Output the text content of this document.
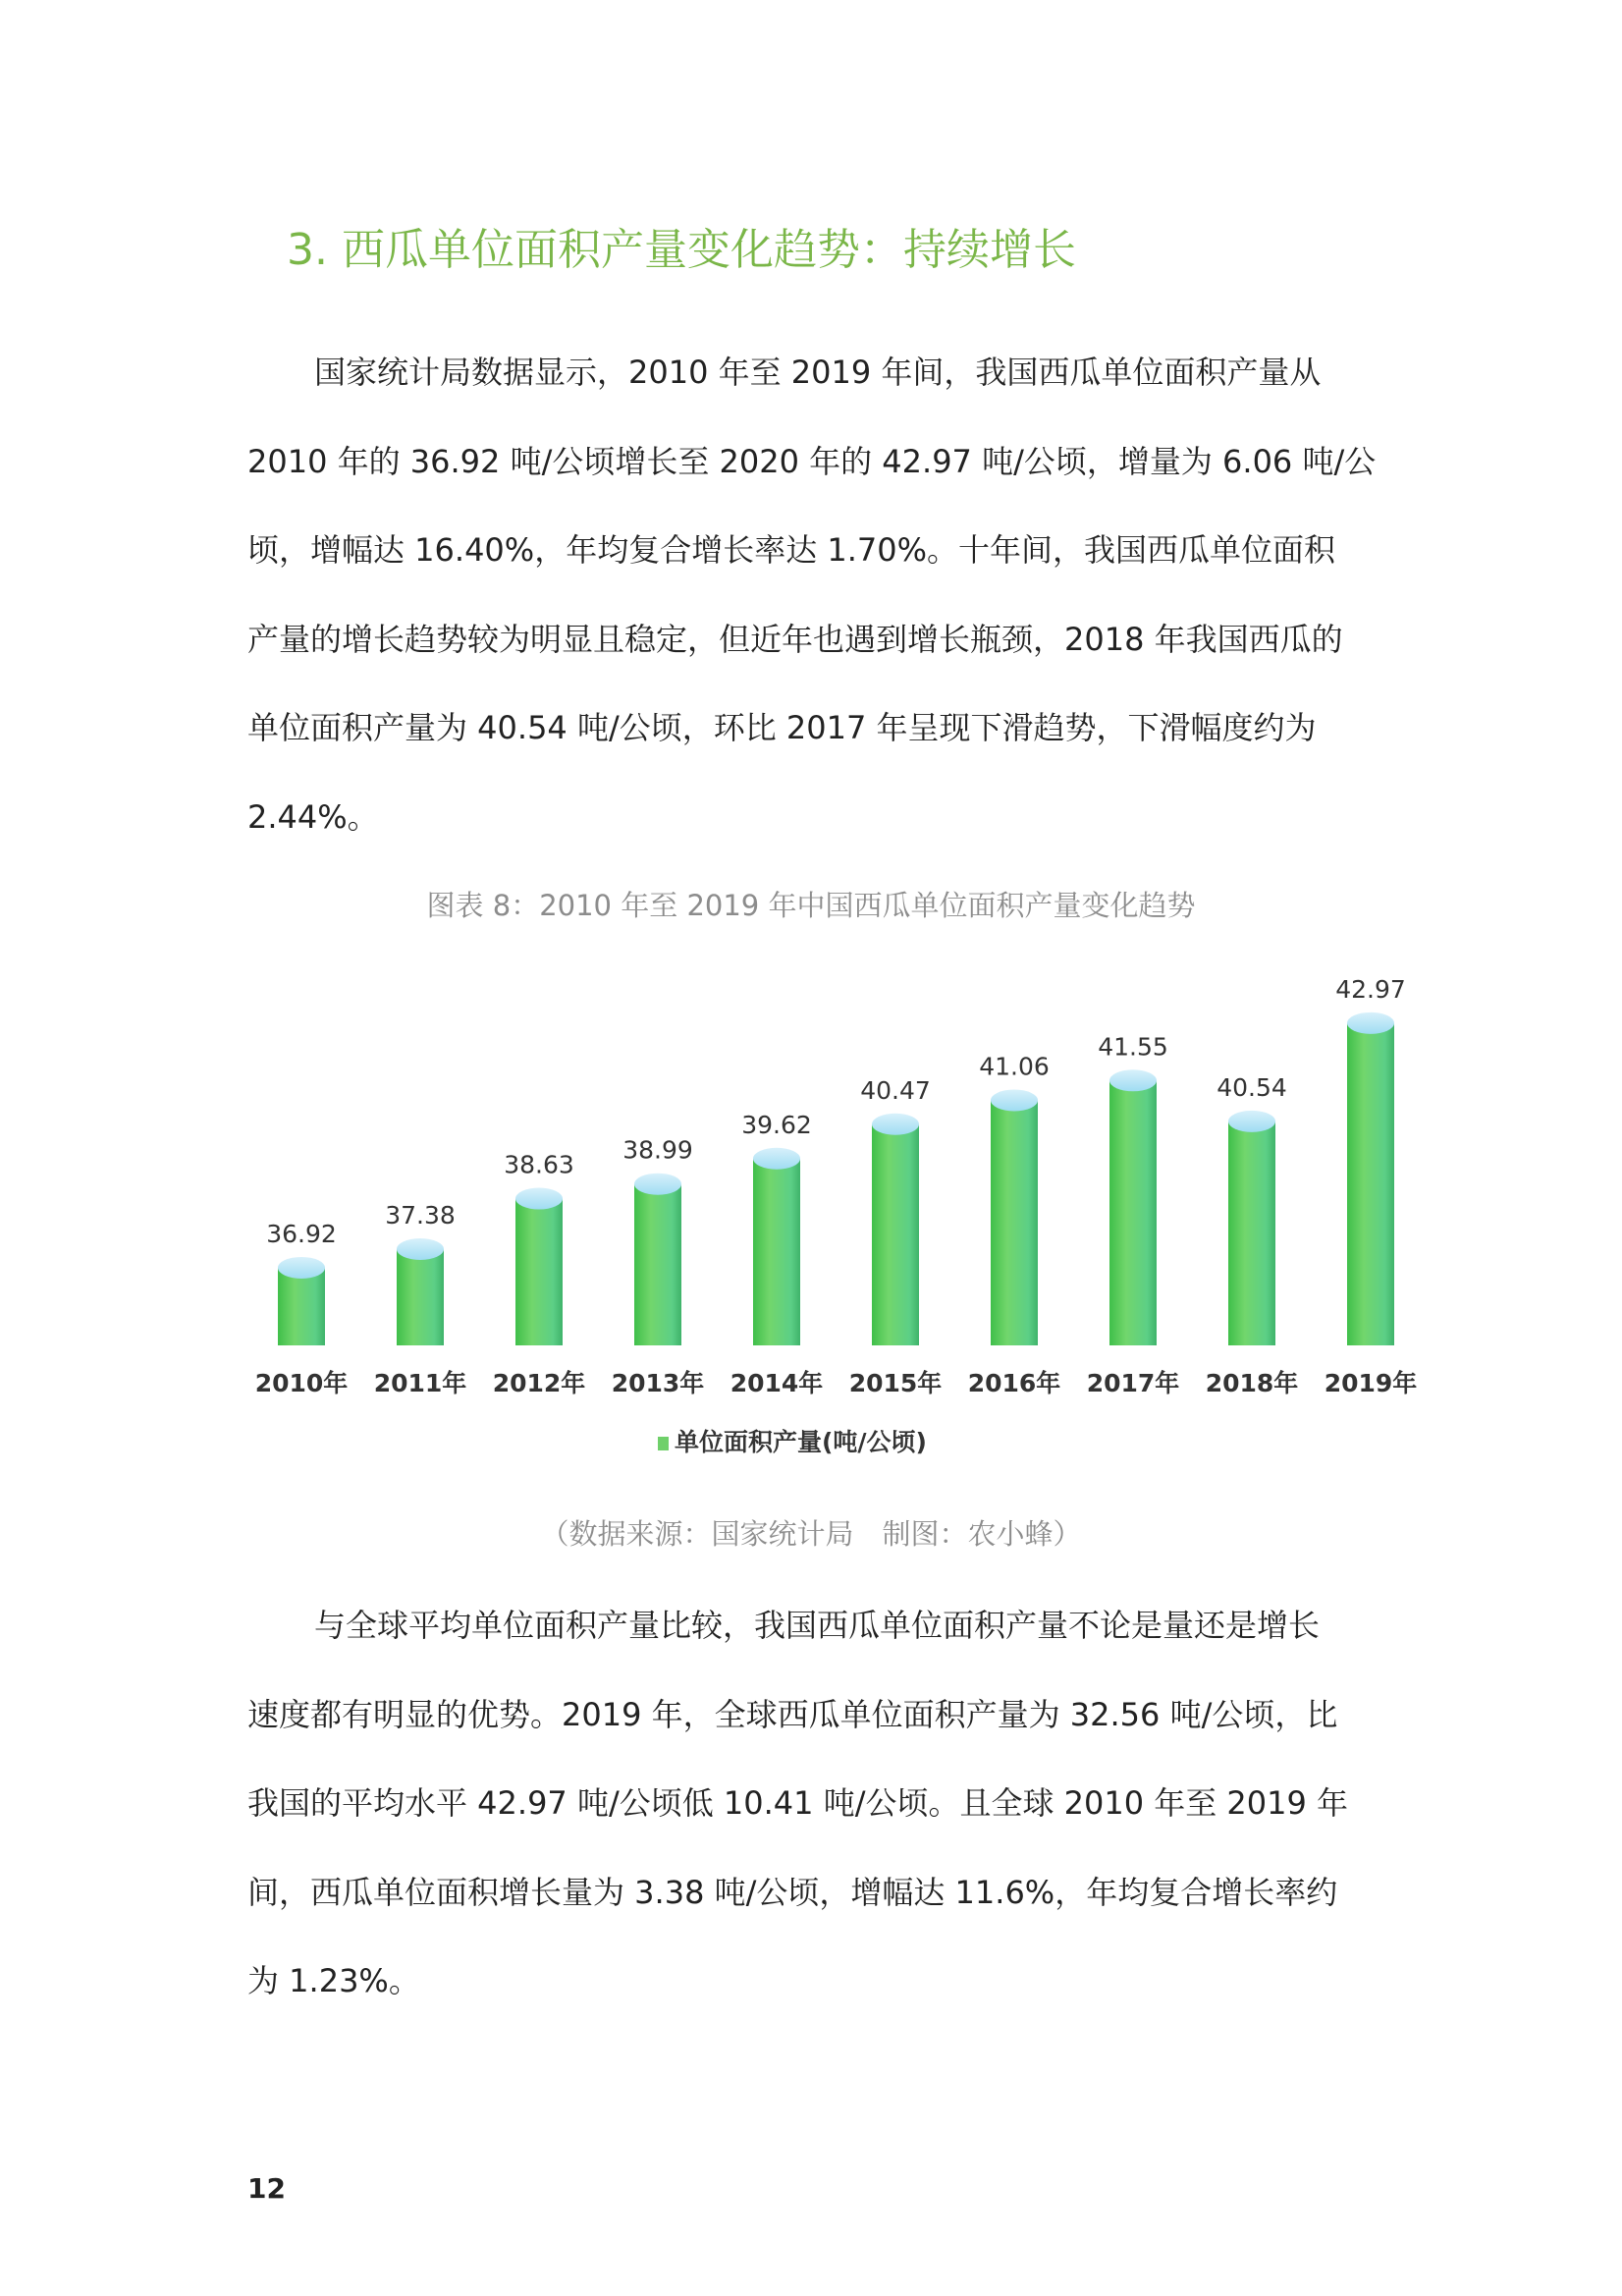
3. 西瓜单位面积产量变化趋势：持续增长
国家统计局数据显示，2010 年至 2019 年间，我国西瓜单位面积产量从
2010 年的 36.92 吨/公顷增长至 2020 年的 42.97 吨/公顷，增量为 6.06 吨/公
顷，增幅达 16.40%，年均复合增长率达 1.70%。十年间，我国西瓜单位面积
产量的增长趋势较为明显且稳定，但近年也遇到增长瓶颈，2018 年我国西瓜的
单位面积产量为 40.54 吨/公顷，环比 2017 年呈现下滑趋势，下滑幅度约为
2.44%。
图表 8：2010 年至 2019 年中国西瓜单位面积产量变化趋势
36.92
2010年
37.38
2011年
38.63
2012年
38.99
2013年
39.62
2014年
40.47
2015年
41.06
2016年
41.55
2017年
40.54
2018年
42.97
2019年
单位面积产量(吨/公顷)
（数据来源：国家统计局　制图：农小蜂）
与全球平均单位面积产量比较，我国西瓜单位面积产量不论是量还是增长
速度都有明显的优势。2019 年，全球西瓜单位面积产量为 32.56 吨/公顷，比
我国的平均水平 42.97 吨/公顷低 10.41 吨/公顷。且全球 2010 年至 2019 年
间，西瓜单位面积增长量为 3.38 吨/公顷，增幅达 11.6%，年均复合增长率约
为 1.23%。
12
